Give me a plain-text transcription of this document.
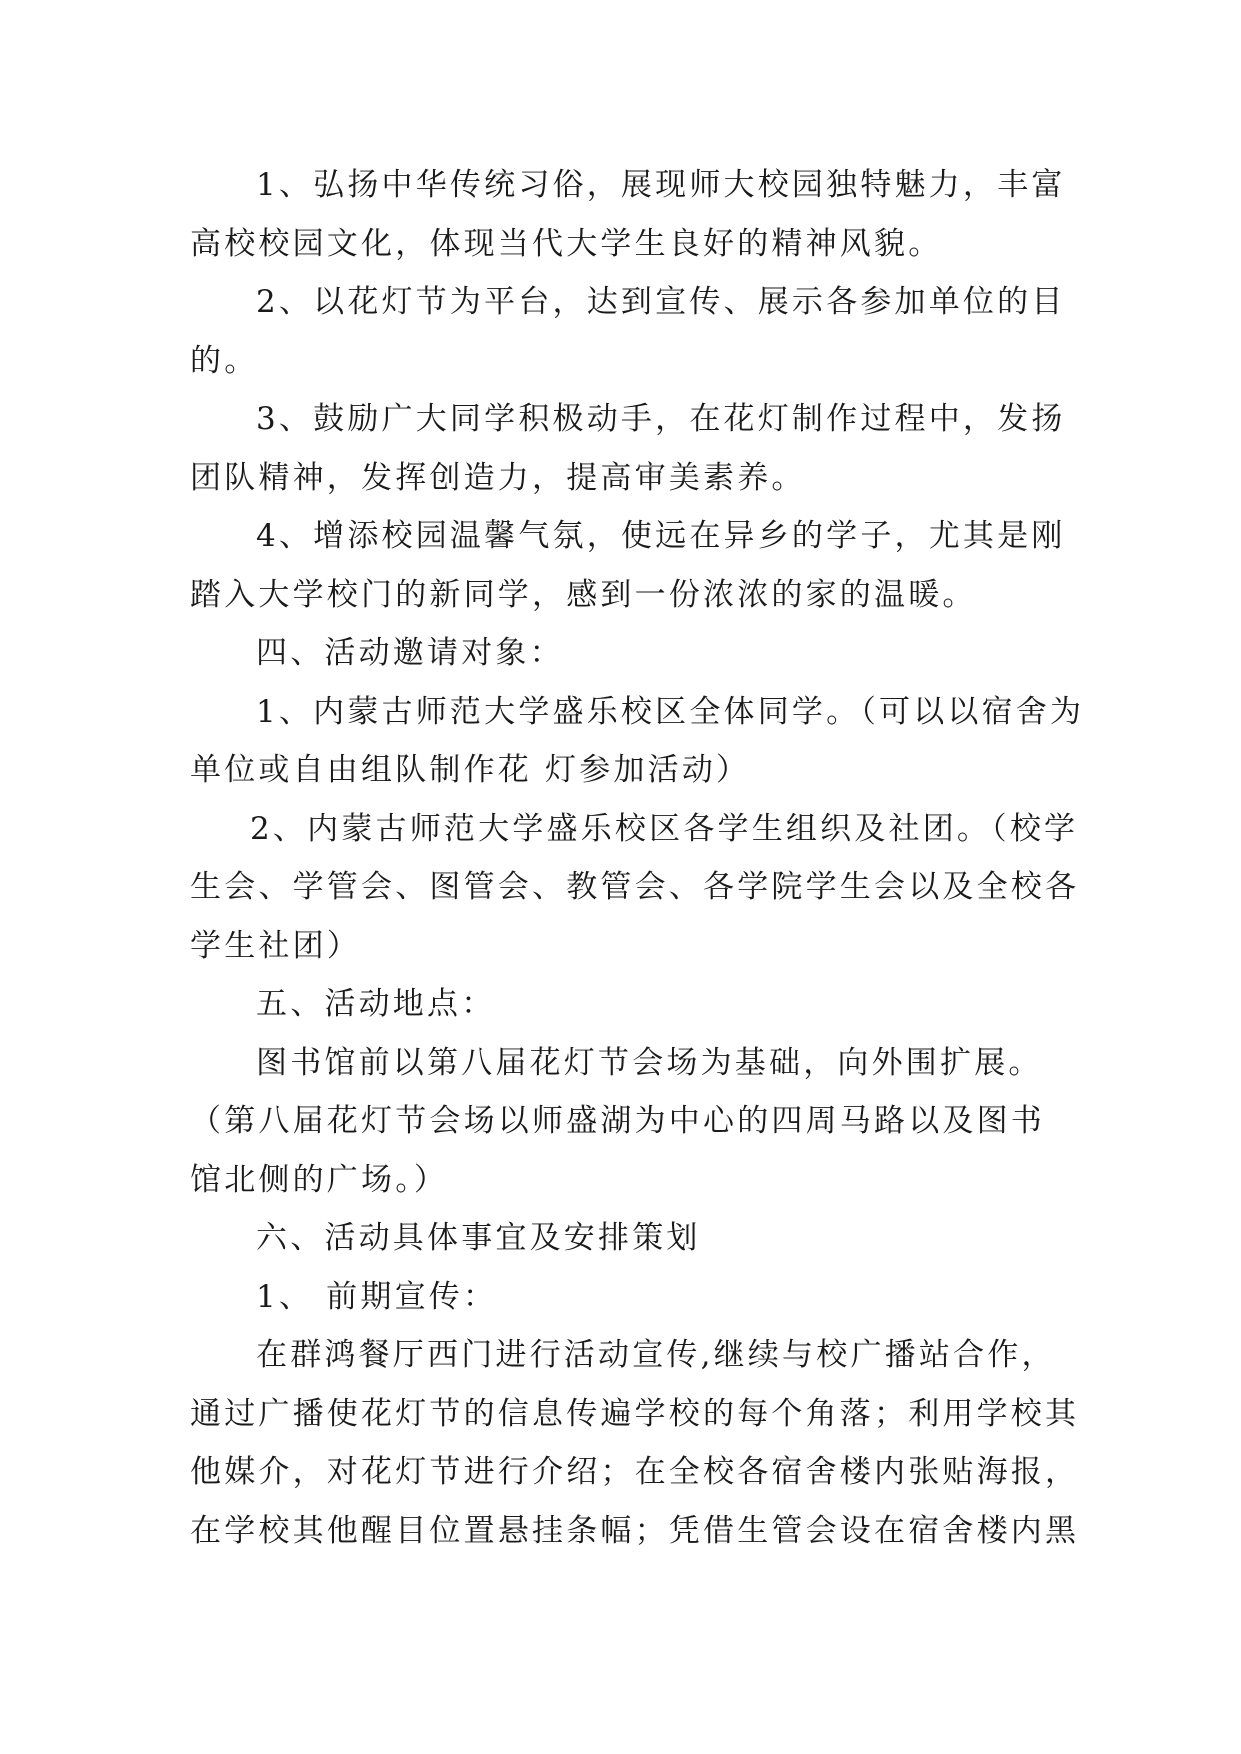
1、弘扬中华传统习俗，展现师大校园独特魅力，丰富
高校校园文化，体现当代大学生良好的精神风貌。
2、以花灯节为平台，达到宣传、展示各参加单位的目
的。
3、鼓励广大同学积极动手，在花灯制作过程中，发扬
团队精神，发挥创造力，提高审美素养。
4、增添校园温馨气氛，使远在异乡的学子，尤其是刚
踏入大学校门的新同学，感到一份浓浓的家的温暖。
四、活动邀请对象：
1、内蒙古师范大学盛乐校区全体同学。（可以以宿舍为
单位或自由组队制作花 灯参加活动）
2、内蒙古师范大学盛乐校区各学生组织及社团。（校学
生会、学管会、图管会、教管会、各学院学生会以及全校各
学生社团）
五、活动地点：
图书馆前以第八届花灯节会场为基础，向外围扩展。
（第八届花灯节会场以师盛湖为中心的四周马路以及图书
馆北侧的广场。）
六、活动具体事宜及安排策划
1、 前期宣传：
在群鸿餐厅西门进行活动宣传,继续与校广播站合作，
通过广播使花灯节的信息传遍学校的每个角落；利用学校其
他媒介，对花灯节进行介绍；在全校各宿舍楼内张贴海报，
在学校其他醒目位置悬挂条幅；凭借生管会设在宿舍楼内黑
